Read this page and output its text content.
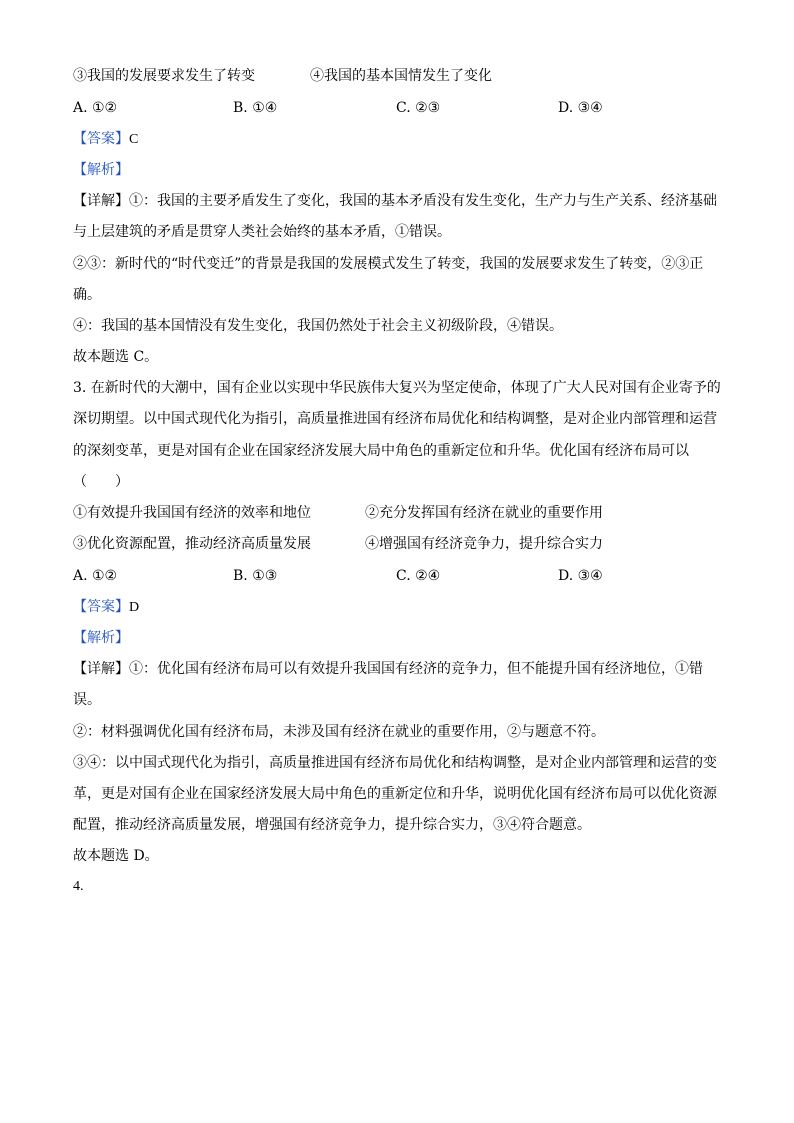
③我国的发展要求发生了转变	④我国的基本国情发生了变化
A. ①②	B. ①④	C. ②③	D. ③④
【答案】C
【解析】
【详解】①：我国的主要矛盾发生了变化，我国的基本矛盾没有发生变化，生产力与生产关系、经济基础
与上层建筑的矛盾是贯穿人类社会始终的基本矛盾，①错误。
②③：新时代的“时代变迁”的背景是我国的发展模式发生了转变，我国的发展要求发生了转变，②③正
确。
④：我国的基本国情没有发生变化，我国仍然处于社会主义初级阶段，④错误。
故本题选 C。
3. 在新时代的大潮中，国有企业以实现中华民族伟大复兴为坚定使命，体现了广大人民对国有企业寄予的
深切期望。以中国式现代化为指引，高质量推进国有经济布局优化和结构调整，是对企业内部管理和运营
的深刻变革，更是对国有企业在国家经济发展大局中角色的重新定位和升华。优化国有经济布局可以
（　　）
①有效提升我国国有经济的效率和地位	②充分发挥国有经济在就业的重要作用
③优化资源配置，推动经济高质量发展	④增强国有经济竞争力，提升综合实力
A. ①②	B. ①③	C. ②④	D. ③④
【答案】D
【解析】
【详解】①：优化国有经济布局可以有效提升我国国有经济的竞争力，但不能提升国有经济地位，①错
误。
②：材料强调优化国有经济布局，未涉及国有经济在就业的重要作用，②与题意不符。
③④：以中国式现代化为指引，高质量推进国有经济布局优化和结构调整，是对企业内部管理和运营的变
革，更是对国有企业在国家经济发展大局中角色的重新定位和升华，说明优化国有经济布局可以优化资源
配置，推动经济高质量发展，增强国有经济竞争力，提升综合实力，③④符合题意。
故本题选 D。
4.
